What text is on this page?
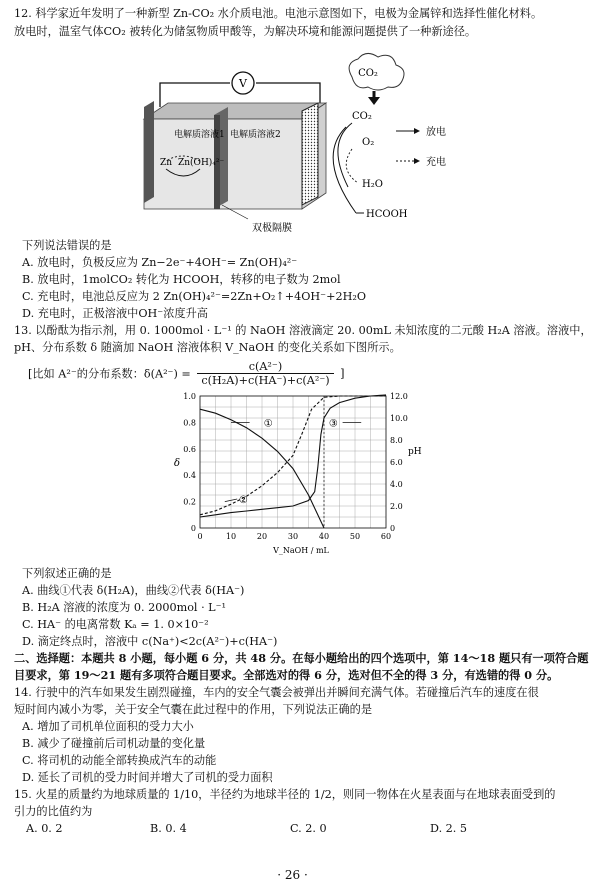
12. 科学家近年发明了一种新型 Zn-CO₂ 水介质电池。电池示意图如下，电极为金属锌和选择性催化材料。
放电时，温室气体CO₂ 被转化为储氢物质甲酸等，为解决环境和能源问题提供了一种新途径。
CO₂
V
电解质溶液1 电解质溶液2
Zn Zn(OH)₄²⁻
CO₂
O₂
H₂O
HCOOH
放电
充电
双极隔膜
下列说法错误的是
A. 放电时，负极反应为 Zn−2e⁻+4OH⁻= Zn(OH)₄²⁻
B. 放电时，1molCO₂ 转化为 HCOOH，转移的电子数为 2mol
C. 充电时，电池总反应为 2 Zn(OH)₄²⁻=2Zn+O₂↑+4OH⁻+2H₂O
D. 充电时，正极溶液中OH⁻浓度升高
13. 以酚酞为指示剂，用 0. 1000mol · L⁻¹ 的 NaOH 溶液滴定 20. 00mL 未知浓度的二元酸 H₂A 溶液。溶液中，
pH、分布系数 δ 随滴加 NaOH 溶液体积 V_NaOH 的变化关系如下图所示。
[比如 A²⁻的分布系数：$\delta(A^{2-}) = \frac{\text{c(A²⁻)}}{\text{c(H₂A)+c(HA⁻)+c(A²⁻)}}$ ]
0	10	20	30	40	50	60
0
0.2
0.4
0.6
0.8
1.0
0
2.0
4.0
6.0
8.0
10.0
12.0
V_NaOH / mL
δ
pH
①
②
③
下列叙述正确的是
A. 曲线①代表 δ(H₂A)，曲线②代表 δ(HA⁻)
B. H₂A 溶液的浓度为 0. 2000mol · L⁻¹
C. HA⁻ 的电离常数 Kₐ = 1. 0×10⁻²
D. 滴定终点时，溶液中 c(Na⁺)<2c(A²⁻)+c(HA⁻)
二、选择题：本题共 8 小题，每小题 6 分，共 48 分。在每小题给出的四个选项中，第 14～18 题只有一项符合题
目要求，第 19～21 题有多项符合题目要求。全部选对的得 6 分，选对但不全的得 3 分，有选错的得 0 分。
14. 行驶中的汽车如果发生剧烈碰撞，车内的安全气囊会被弹出并瞬间充满气体。若碰撞后汽车的速度在很
短时间内减小为零，关于安全气囊在此过程中的作用，下列说法正确的是
A. 增加了司机单位面积的受力大小
B. 减少了碰撞前后司机动量的变化量
C. 将司机的动能全部转换成汽车的动能
D. 延长了司机的受力时间并增大了司机的受力面积
15. 火星的质量约为地球质量的 1/10，半径约为地球半径的 1/2，则同一物体在火星表面与在地球表面受到的
引力的比值约为
A. 0. 2	B. 0. 4	C. 2. 0	D. 2. 5
· 26 ·
